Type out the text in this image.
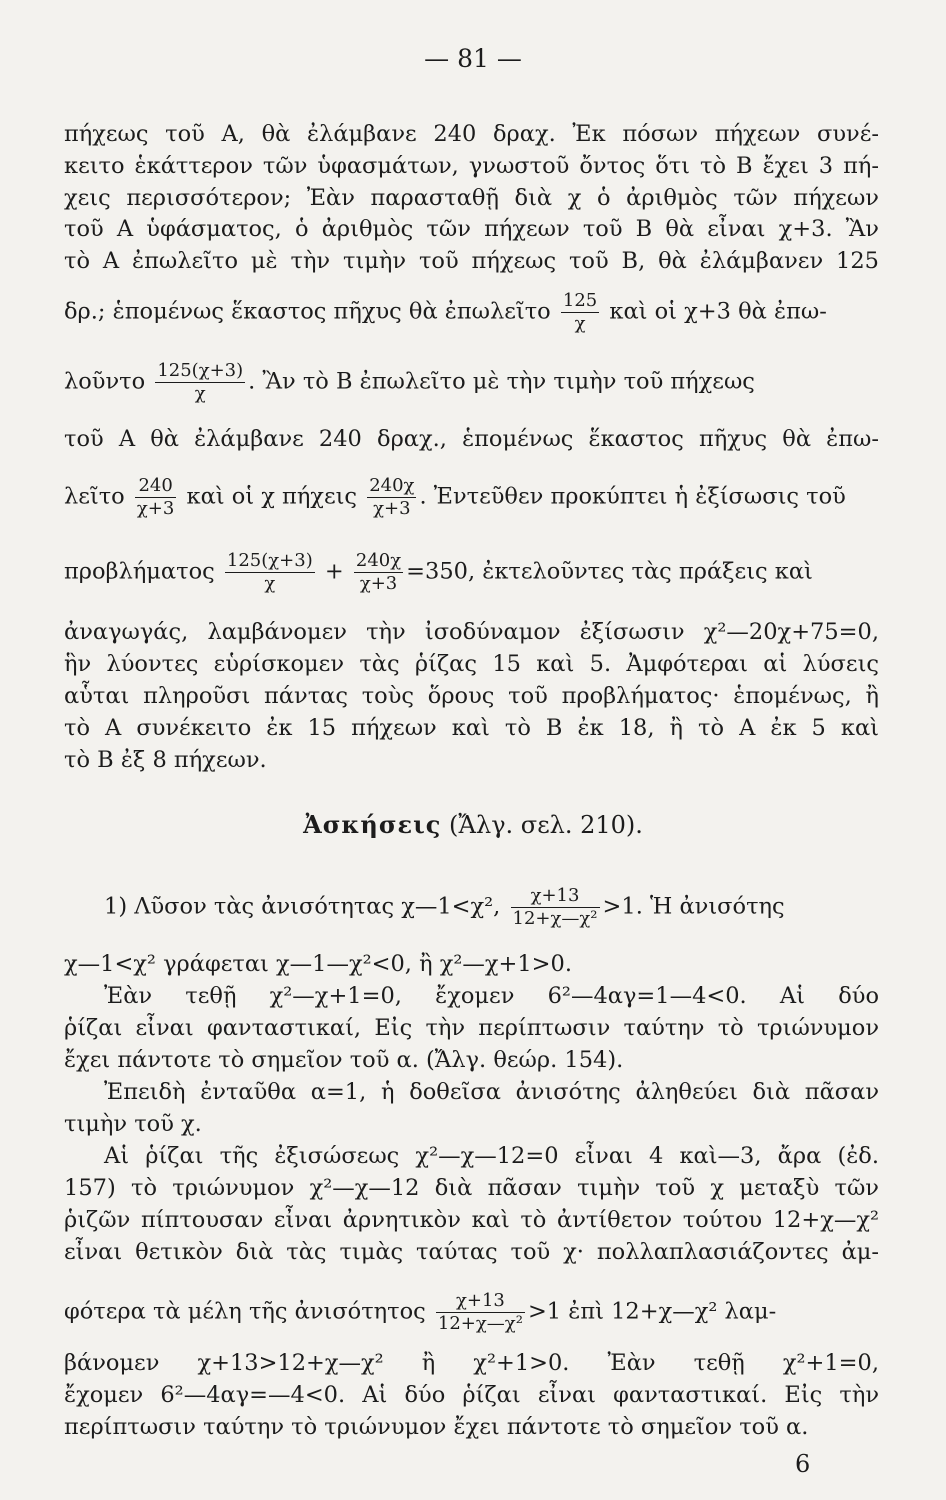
— 81 —
πήχεως τοῦ Α, θὰ ἐλάμβανε 240 δραχ. Ἐκ πόσων πήχεων συνέ-
κειτο ἑκάττερον τῶν ὑφασμάτων, γνωστοῦ ὄντος ὅτι τὸ Β ἔχει 3 πή-
χεις περισσότερον; Ἐὰν παρασταθῇ διὰ χ ὁ ἀριθμὸς τῶν πήχεων
τοῦ Α ὑφάσματος, ὁ ἀριθμὸς τῶν πήχεων τοῦ Β θὰ εἶναι χ+3. Ἂν
τὸ Α ἐπωλεῖτο μὲ τὴν τιμὴν τοῦ πήχεως τοῦ Β, θὰ ἐλάμβανεν 125
δρ.; ἑπομένως ἕκαστος πῆχυς θὰ ἐπωλεῖτο $\frac{125}{\chi}$ καὶ οἱ χ+3 θὰ ἐπω-
λοῦντο $\frac{125(\chi+3)}{\chi}$ . Ἂν τὸ Β ἐπωλεῖτο μὲ τὴν τιμὴν τοῦ πήχεως
τοῦ Α θὰ ἐλάμβανε 240 δραχ., ἑπομένως ἕκαστος πῆχυς θὰ ἐπω-
λεῖτο $\frac{240}{\chi+3}$ καὶ οἱ χ πήχεις $\frac{240\chi}{\chi+3}$ . Ἐντεῦθεν προκύπτει ἡ ἐξίσωσις τοῦ
προβλήματος $\frac{125(\chi+3)}{\chi} + \frac{240\chi}{\chi+3} =350$, ἐκτελοῦντες τὰς πράξεις καὶ
ἀναγωγάς, λαμβάνομεν τὴν ἰσοδύναμον ἐξίσωσιν χ²—20χ+75=0,
ἣν λύοντες εὑρίσκομεν τὰς ῥίζας 15 καὶ 5. Ἀμφότεραι αἱ λύσεις
αὗται πληροῦσι πάντας τοὺς ὅρους τοῦ προβλήματος· ἑπομένως, ἢ
τὸ Α συνέκειτο ἐκ 15 πήχεων καὶ τὸ Β ἐκ 18, ἢ τὸ Α ἐκ 5 καὶ
τὸ Β ἐξ 8 πήχεων.
Ἀσκήσεις (Ἄλγ. σελ. 210).
1) Λῦσον τὰς ἀνισότητας χ—1<χ², $\frac{\chi+13}{\text{12+χ—χ²}} >1$. Ἡ ἀνισότης
χ—1<χ² γράφεται χ—1—χ²<0, ἢ χ²—χ+1>0.
Ἐὰν τεθῇ χ²—χ+1=0, ἔχομεν 6²—4αγ=1—4<0. Αἱ δύο
ῥίζαι εἶναι φανταστικαί, Εἰς τὴν περίπτωσιν ταύτην τὸ τριώνυμον
ἔχει πάντοτε τὸ σημεῖον τοῦ α. (Ἄλγ. θεώρ. 154).
Ἐπειδὴ ἐνταῦθα α=1, ἡ δοθεῖσα ἀνισότης ἀληθεύει διὰ πᾶσαν
τιμὴν τοῦ χ.
Αἱ ῥίζαι τῆς ἐξισώσεως χ²—χ—12=0 εἶναι 4 καὶ—3, ἄρα (ἐδ.
157) τὸ τριώνυμον χ²—χ—12 διὰ πᾶσαν τιμὴν τοῦ χ μεταξὺ τῶν
ῥιζῶν πίπτουσαν εἶναι ἀρνητικὸν καὶ τὸ ἀντίθετον τούτου 12+χ—χ²
εἶναι θετικὸν διὰ τὰς τιμὰς ταύτας τοῦ χ· πολλαπλασιάζοντες ἀμ-
φότερα τὰ μέλη τῆς ἀνισότητος $\frac{\chi+13}{\text{12+χ—χ²}} >1$ ἐπὶ 12+χ—χ² λαμ-
βάνομεν χ+13>12+χ—χ² ἢ χ²+1>0. Ἐὰν τεθῇ χ²+1=0,
ἔχομεν 6²—4αγ=—4<0. Αἱ δύο ῥίζαι εἶναι φανταστικαί. Εἰς τὴν
περίπτωσιν ταύτην τὸ τριώνυμον ἔχει πάντοτε τὸ σημεῖον τοῦ α.
6
